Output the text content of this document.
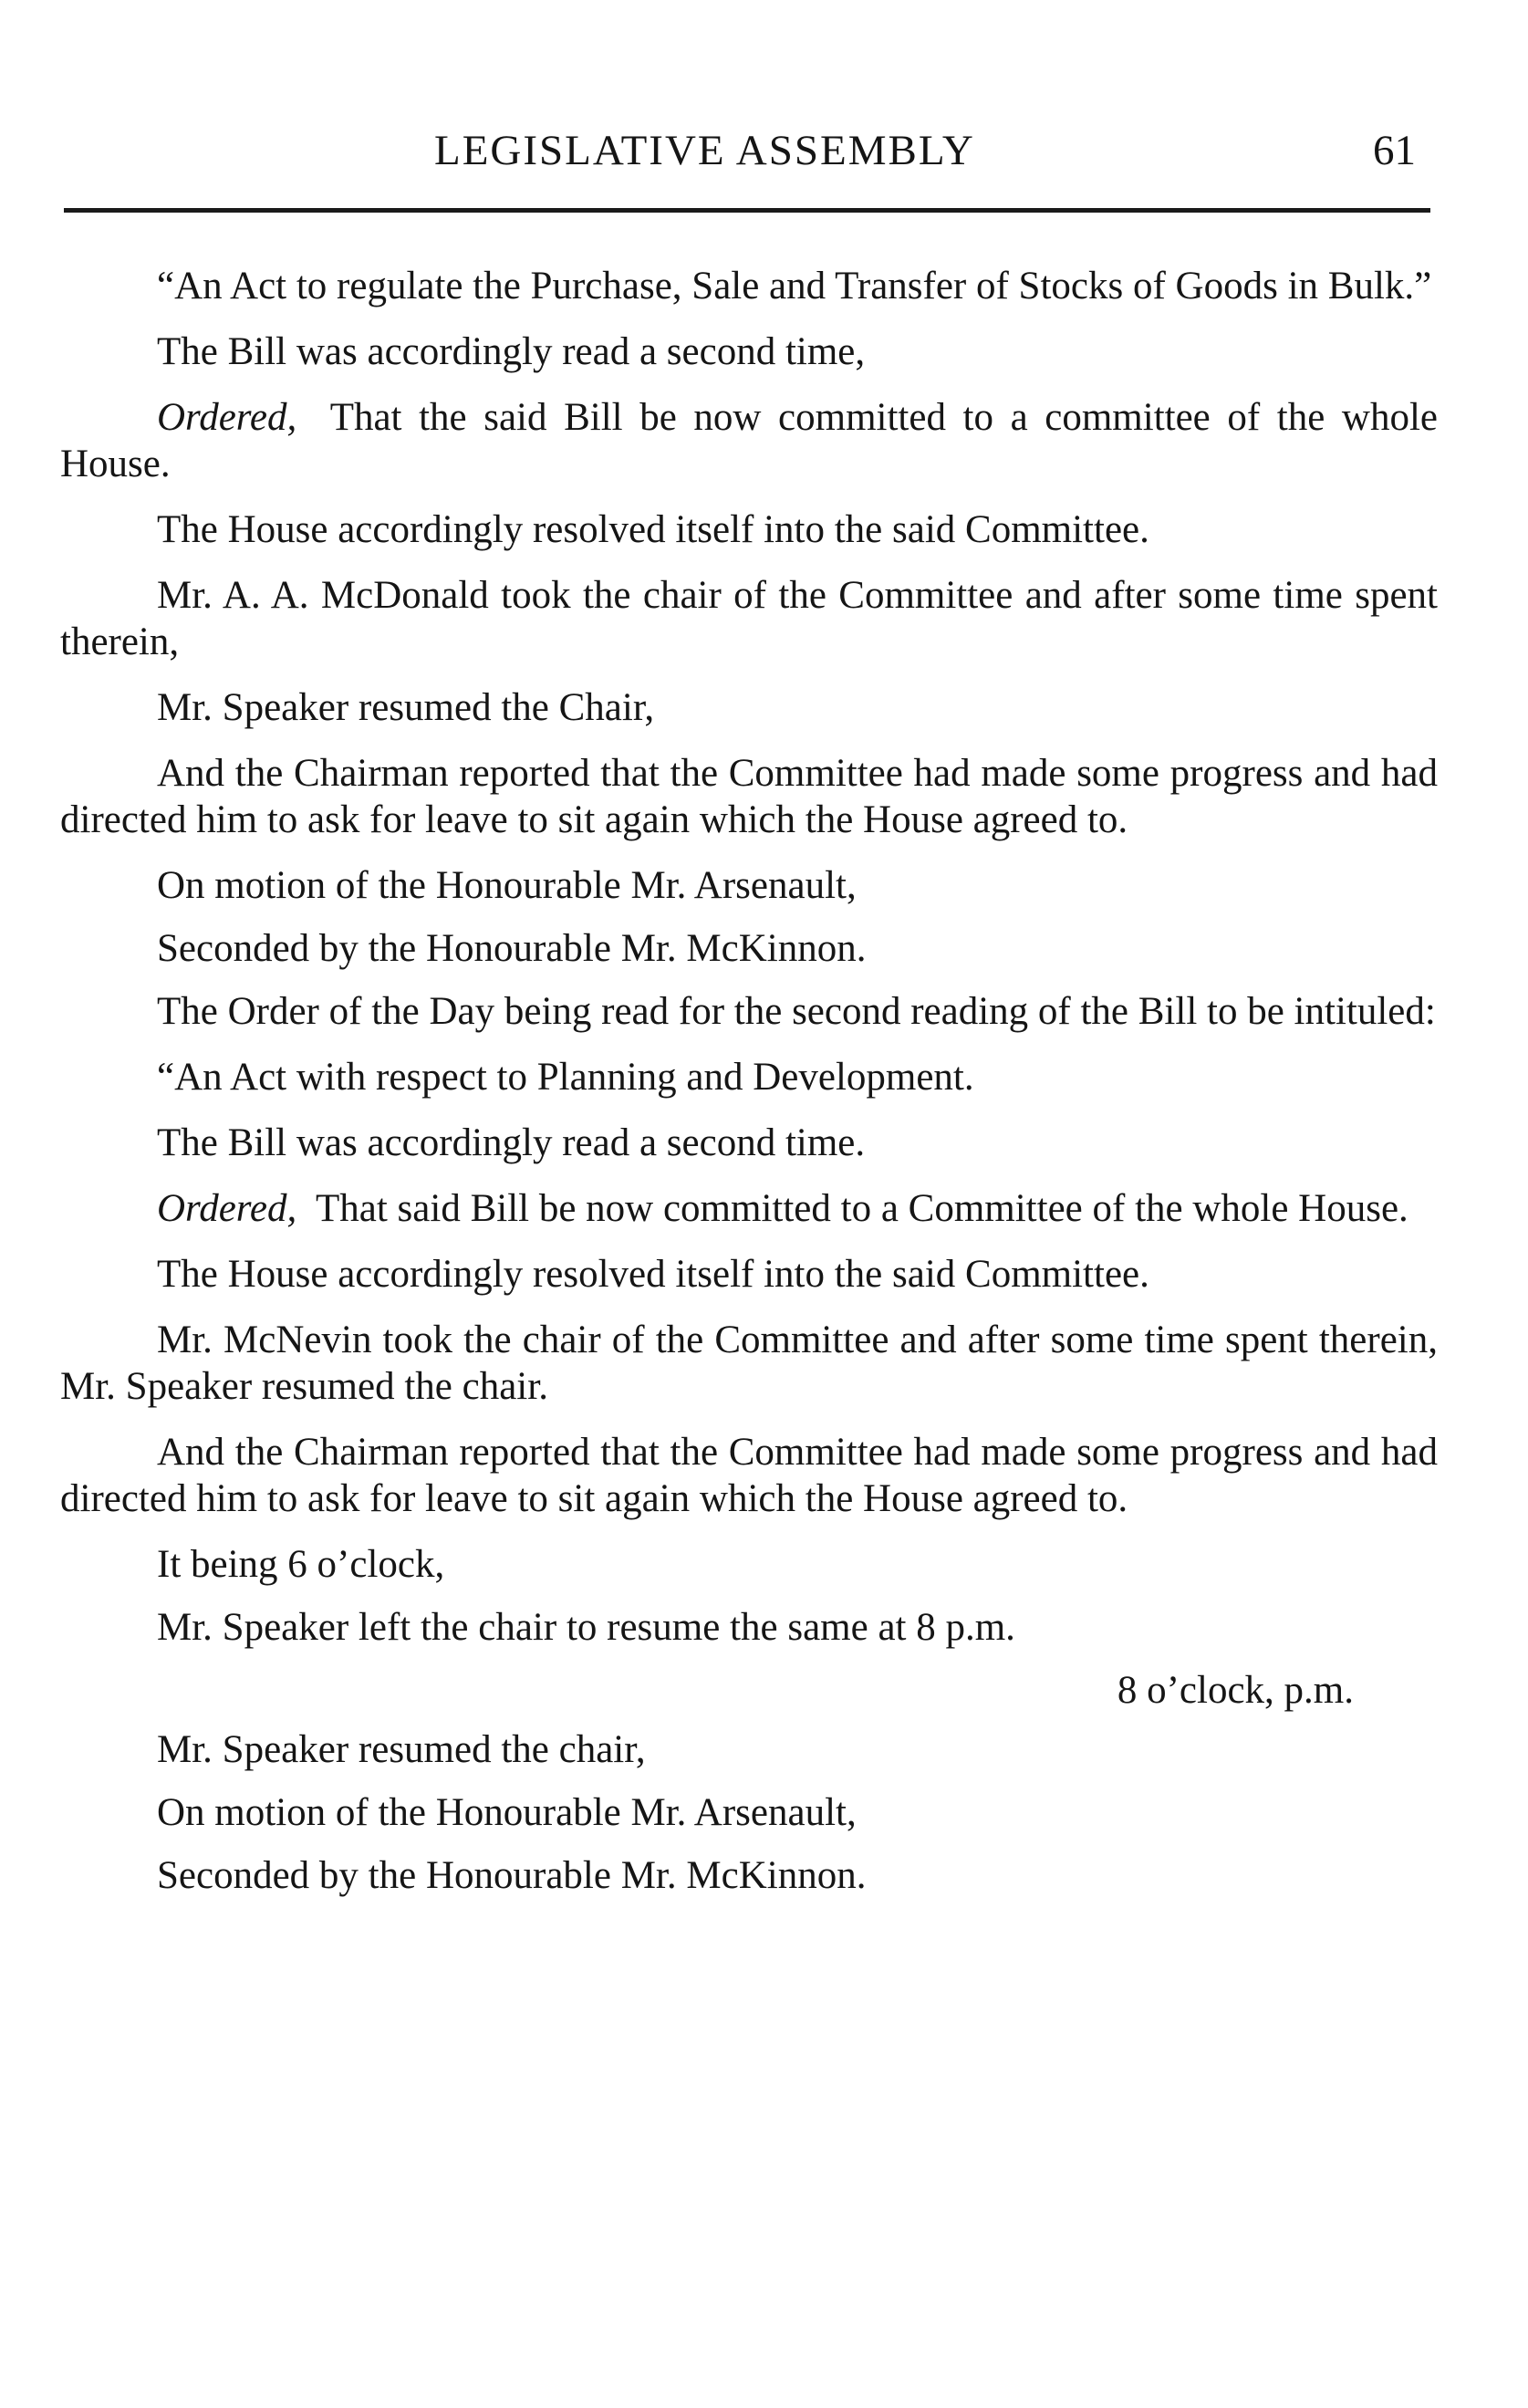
LEGISLATIVE ASSEMBLY	61

“An Act to regulate the Purchase, Sale and Transfer of Stocks of Goods in Bulk.”

The Bill was accordingly read a second time,

Ordered, That the said Bill be now committed to a committee of the whole House.

The House accordingly resolved itself into the said Committee.

Mr. A. A. McDonald took the chair of the Committee and after some time spent therein,

Mr. Speaker resumed the Chair,

And the Chairman reported that the Committee had made some progress and had directed him to ask for leave to sit again which the House agreed to.

On motion of the Honourable Mr. Arsenault,

Seconded by the Honourable Mr. McKinnon.

The Order of the Day being read for the second reading of the Bill to be intituled:

“An Act with respect to Planning and Development.

The Bill was accordingly read a second time.

Ordered, That said Bill be now committed to a Committee of the whole House.

The House accordingly resolved itself into the said Committee.

Mr. McNevin took the chair of the Committee and after some time spent therein, Mr. Speaker resumed the chair.

And the Chairman reported that the Committee had made some progress and had directed him to ask for leave to sit again which the House agreed to.

It being 6 o’clock,

Mr. Speaker left the chair to resume the same at 8 p.m.

8 o’clock, p.m.

Mr. Speaker resumed the chair,

On motion of the Honourable Mr. Arsenault,

Seconded by the Honourable Mr. McKinnon.
